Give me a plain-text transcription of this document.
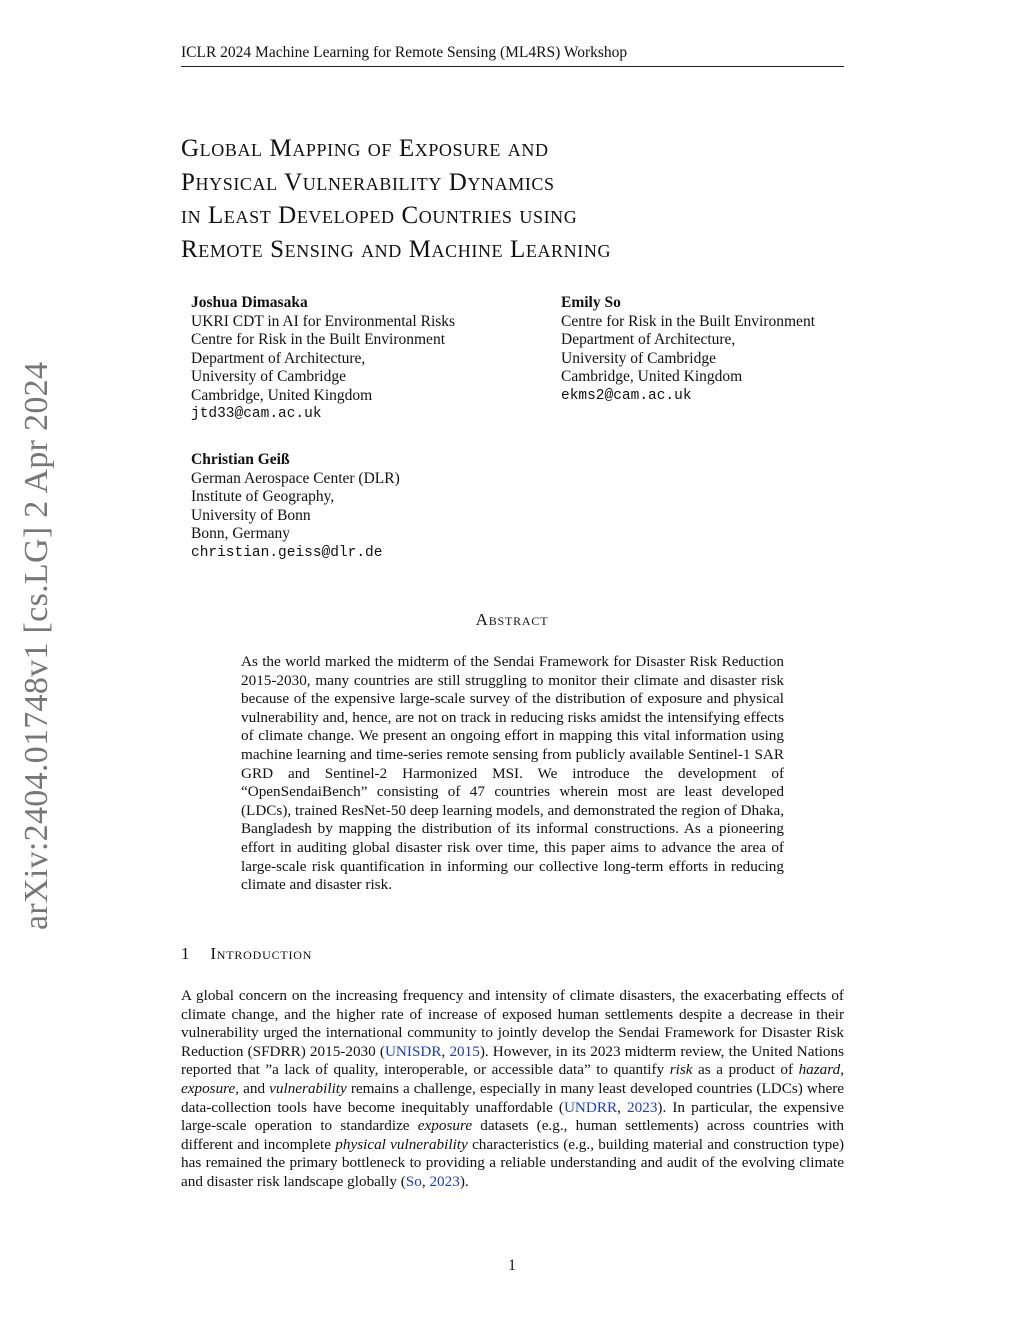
ICLR 2024 Machine Learning for Remote Sensing (ML4RS) Workshop
arXiv:2404.01748v1 [cs.LG] 2 Apr 2024
Global Mapping of Exposure and
Physical Vulnerability Dynamics
in Least Developed Countries using
Remote Sensing and Machine Learning
Joshua Dimasaka
UKRI CDT in AI for Environmental Risks
Centre for Risk in the Built Environment
Department of Architecture,
University of Cambridge
Cambridge, United Kingdom
jtd33@cam.ac.uk
Emily So
Centre for Risk in the Built Environment
Department of Architecture,
University of Cambridge
Cambridge, United Kingdom
ekms2@cam.ac.uk
Christian Geiß
German Aerospace Center (DLR)
Institute of Geography,
University of Bonn
Bonn, Germany
christian.geiss@dlr.de
Abstract

As the world marked the midterm of the Sendai Framework for Disaster Risk Reduction 2015-2030, many countries are still struggling to monitor their climate and disaster risk because of the expensive large-scale survey of the distribution of exposure and physical vulnerability and, hence, are not on track in reducing risks amidst the intensifying effects of climate change. We present an ongoing effort in mapping this vital information using machine learning and time-series remote sensing from publicly available Sentinel-1 SAR GRD and Sentinel-2 Harmonized MSI. We introduce the development of “OpenSendaiBench” consisting of 47 countries wherein most are least developed (LDCs), trained ResNet-50 deep learning models, and demonstrated the region of Dhaka, Bangladesh by mapping the distribution of its informal constructions. As a pioneering effort in auditing global disaster risk over time, this paper aims to advance the area of large-scale risk quantification in informing our collective long-term efforts in reducing climate and disaster risk.

1 Introduction

A global concern on the increasing frequency and intensity of climate disasters, the exacerbating effects of climate change, and the higher rate of increase of exposed human settlements despite a decrease in their vulnerability urged the international community to jointly develop the Sendai Framework for Disaster Risk Reduction (SFDRR) 2015-2030 (UNISDR, 2015). However, in its 2023 midterm review, the United Nations reported that ”a lack of quality, interoperable, or accessible data” to quantify risk as a product of hazard, exposure, and vulnerability remains a challenge, especially in many least developed countries (LDCs) where data-collection tools have become inequitably unaffordable (UNDRR, 2023). In particular, the expensive large-scale operation to standardize exposure datasets (e.g., human settlements) across countries with different and incomplete physical vulnerability characteristics (e.g., building material and construction type) has remained the primary bottleneck to providing a reliable understanding and audit of the evolving climate and disaster risk landscape globally (So, 2023).

1
